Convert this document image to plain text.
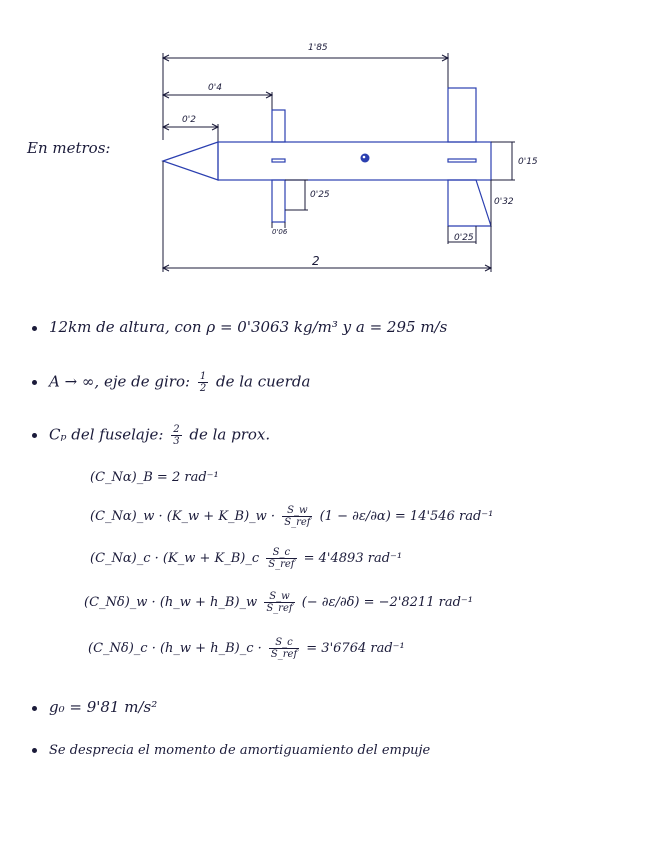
1'85
0'4
0'2
0'15
0'25
0'06
0'32
0'25
2
En metros:
12km de altura, con ρ = 0'3063 kg/m³ y a = 295 m/s
A → ∞, eje de giro: $\frac{1}{2}$ de la cuerda
Cₚ del fuselaje: $\frac{2}{3}$ de la prox.
(C_Nα)_B = 2 rad⁻¹
(C_Nα)_w · (K_w + K_B)_w · $\frac{S\_w}{\text{S\_ref}} (1 - \partial\varepsilon/\partial\alpha) = 14'546$ rad⁻¹
(C_Nα)_c · (K_w + K_B)_c $\frac{S\_c}{\text{S\_ref}} = 4'4893$ rad⁻¹
(C_Nδ)_w · (h_w + h_B)_w $\frac{S\_w}{\text{S\_ref}}$ (− ∂ε/∂δ) = −2'8211 rad⁻¹
(C_Nδ)_c · (h_w + h_B)_c · $\frac{S\_c}{\text{S\_ref}} = 3'6764$ rad⁻¹
g₀ = 9'81 m/s²
Se desprecia el momento de amortiguamiento del empuje
